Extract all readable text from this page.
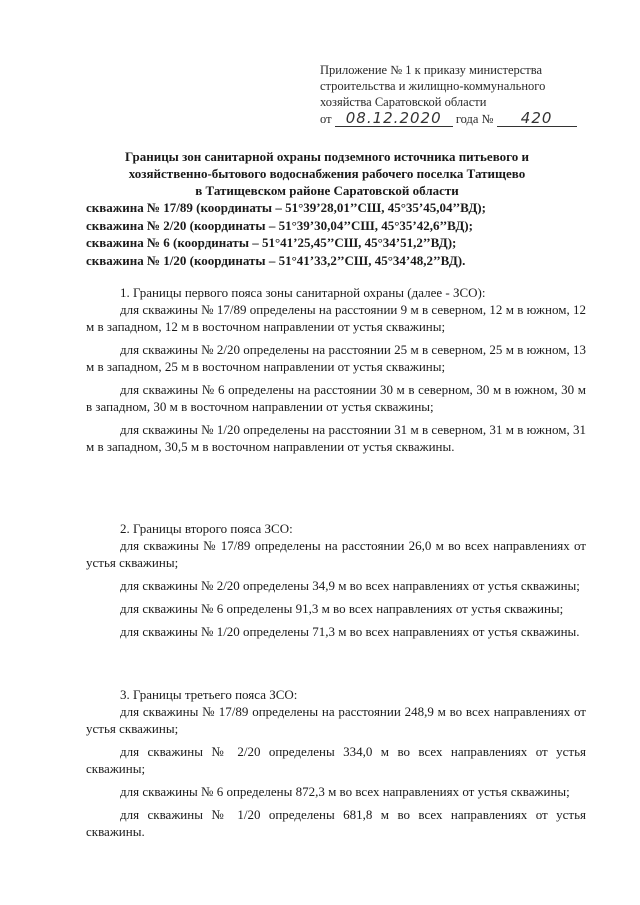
Приложение № 1 к приказу министерства
строительства и жилищно-коммунального
хозяйства Саратовской области
от 08.12.2020 года № 420
Границы зон санитарной охраны подземного источника питьевого и
хозяйственно-бытового водоснабжения рабочего поселка Татищево
в Татищевском районе Саратовской области
скважина № 17/89 (координаты – 51°39’28,01’’СШ, 45°35’45,04’’ВД);
скважина № 2/20 (координаты – 51°39’30,04’’СШ, 45°35’42,6’’ВД);
скважина № 6 (координаты – 51°41’25,45’’СШ, 45°34’51,2’’ВД);
скважина № 1/20 (координаты – 51°41’33,2’’СШ, 45°34’48,2’’ВД).
1. Границы первого пояса зоны санитарной охраны (далее - ЗСО):

для скважины № 17/89 определены на расстоянии 9 м в северном, 12 м в южном, 12 м в западном, 12 м в восточном направлении от устья скважины;

для скважины № 2/20 определены на расстоянии 25 м в северном, 25 м в южном, 13 м в западном, 25 м в восточном направлении от устья скважины;

для скважины № 6 определены на расстоянии 30 м в северном, 30 м в южном, 30 м в западном, 30 м в восточном направлении от устья скважины;

для скважины № 1/20 определены на расстоянии 31 м в северном, 31 м в южном, 31 м в западном, 30,5 м в восточном направлении от устья скважины.

2. Границы второго пояса ЗСО:

для скважины № 17/89 определены на расстоянии 26,0 м во всех направлениях от устья скважины;

для скважины № 2/20 определены 34,9 м во всех направлениях от устья скважины;

для скважины № 6 определены 91,3 м во всех направлениях от устья скважины;

для скважины № 1/20 определены 71,3 м во всех направлениях от устья скважины.

3. Границы третьего пояса ЗСО:

для скважины № 17/89 определены на расстоянии 248,9 м во всех направлениях от устья скважины;

для скважины № 2/20 определены 334,0 м во всех направлениях от устья скважины;

для скважины № 6 определены 872,3 м во всех направлениях от устья скважины;

для скважины № 1/20 определены 681,8 м во всех направлениях от устья скважины.
